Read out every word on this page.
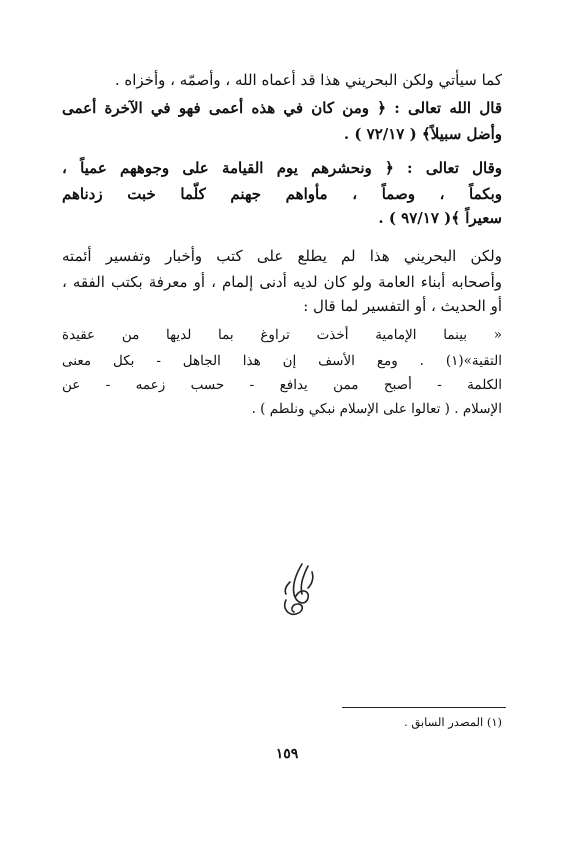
كما سيأتي ولكن البحريني هذا قد أعماه الله ، وأصمّه ، وأخزاه .
قال الله تعالى : ﴿ ومن كان في هذه أعمى فهو في الآخرة أعمى
وأضل سبيلاً﴾ ( ٧٢/١٧ ) .
وقال تعالى : ﴿ ونحشرهم يوم القيامة على وجوههم عمياً ،
وبكماً ، وصماً ، مأواهم جهنم كلّما خبت زدناهم
سعيراً ﴾( ٩٧/١٧ ) .
ولكن البحريني هذا لم يطلع على كتب وأخبار وتفسير أئمته
وأصحابه أبناء العامة ولو كان لديه أدنى إلمام ، أو معرفة بكتب الفقه ،
أو الحديث ، أو التفسير لما قال :
« بينما الإمامية أخذت تراوغ بما لديها من عقيدة
التقية»(١) . ومع الأسف إن هذا الجاهل - بكل معنى
الكلمة - أصبح ممن يدافع - حسب زعمه - عن
الإسلام . ( تعالوا على الإسلام نبكي ونلطم ) .
(١) المصدر السابق .
١٥٩
